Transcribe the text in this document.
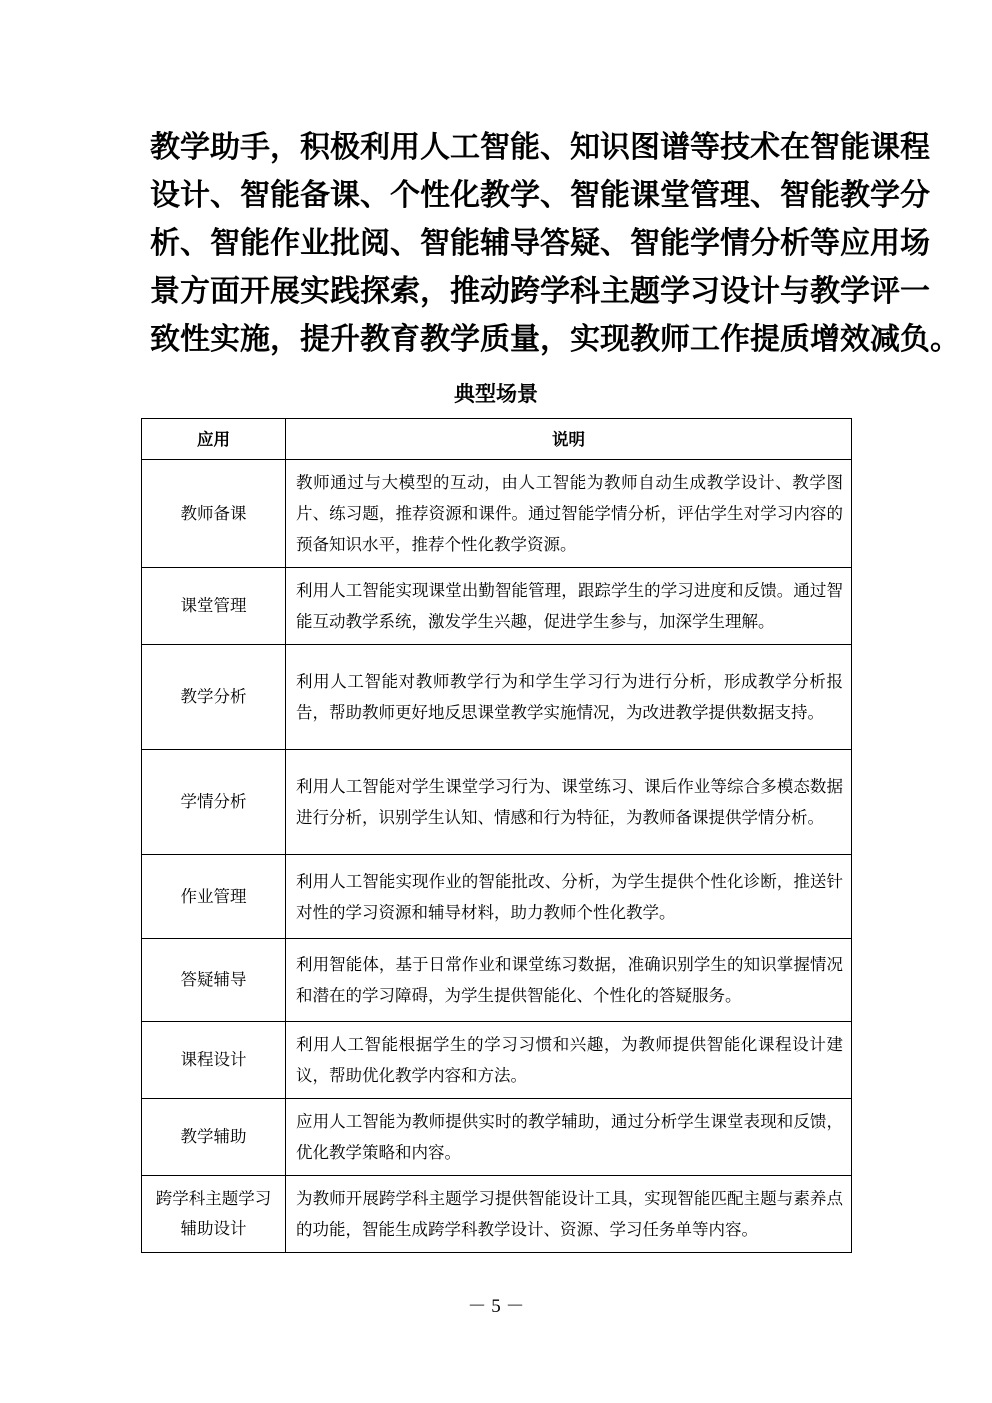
教学助手，积极利用人工智能、知识图谱等技术在智能课程
设计、智能备课、个性化教学、智能课堂管理、智能教学分
析、智能作业批阅、智能辅导答疑、智能学情分析等应用场
景方面开展实践探索，推动跨学科主题学习设计与教学评一
致性实施，提升教育教学质量，实现教师工作提质增效减负。
典型场景
应用	说明
教师备课	教师通过与大模型的互动，由人工智能为教师自动生成教学设计、教学图片、练习题，推荐资源和课件。通过智能学情分析，评估学生对学习内容的预备知识水平，推荐个性化教学资源。
课堂管理	利用人工智能实现课堂出勤智能管理，跟踪学生的学习进度和反馈。通过智能互动教学系统，激发学生兴趣，促进学生参与，加深学生理解。
教学分析	利用人工智能对教师教学行为和学生学习行为进行分析，形成教学分析报告，帮助教师更好地反思课堂教学实施情况，为改进教学提供数据支持。
学情分析	利用人工智能对学生课堂学习行为、课堂练习、课后作业等综合多模态数据进行分析，识别学生认知、情感和行为特征，为教师备课提供学情分析。
作业管理	利用人工智能实现作业的智能批改、分析，为学生提供个性化诊断，推送针对性的学习资源和辅导材料，助力教师个性化教学。
答疑辅导	利用智能体，基于日常作业和课堂练习数据，准确识别学生的知识掌握情况和潜在的学习障碍，为学生提供智能化、个性化的答疑服务。
课程设计	利用人工智能根据学生的学习习惯和兴趣，为教师提供智能化课程设计建议，帮助优化教学内容和方法。
教学辅助	应用人工智能为教师提供实时的教学辅助，通过分析学生课堂表现和反馈，优化教学策略和内容。
跨学科主题学习辅助设计	为教师开展跨学科主题学习提供智能设计工具，实现智能匹配主题与素养点的功能，智能生成跨学科教学设计、资源、学习任务单等内容。
－ 5 －
